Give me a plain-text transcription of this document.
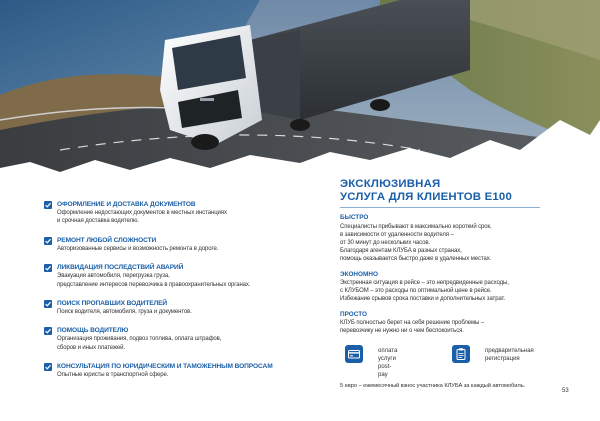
ОФОРМЛЕНИЕ И ДОСТАВКА ДОКУМЕНТОВ
Оформление недостающих документов в местных инстанциях
и срочная доставка водителю.
РЕМОНТ ЛЮБОЙ СЛОЖНОСТИ
Авторизованные сервисы и возможность ремонта в дороге.
ЛИКВИДАЦИЯ ПОСЛЕДСТВИЙ АВАРИЙ
Эвакуация автомобиля, перегрузка груза,
представление интересов перевозчика в правоохранительных органах.
ПОИСК ПРОПАВШИХ ВОДИТЕЛЕЙ
Поиск водителя, автомобиля, груза и документов.
ПОМОЩЬ ВОДИТЕЛЮ
Организация проживания, подвоз топлива, оплата штрафов,
сборов и иных платежей.
КОНСУЛЬТАЦИЯ ПО ЮРИДИЧЕСКИМ И ТАМОЖЕННЫМ ВОПРОСАМ
Опытные юристы в транспортной сфере.
ЭКСКЛЮЗИВНАЯ
УСЛУГА ДЛЯ КЛИЕНТОВ Е100
БЫСТРО
Специалисты прибывают в максимально короткий срок,
в зависимости от удаленности водителя –
от 30 минут до нескольких часов.
Благодаря агентам КЛУБА в разных странах,
помощь оказывается быстро даже в удаленных местах.
ЭКОНОМНО
Экстренная ситуация в рейсе – это непредвиденные расходы,
с КЛУБОМ – это расходы по оптимальной цене в рейсе.
Избежание срывов срока поставки и дополнительных затрат.
ПРОСТО
КЛУБ полностью берет на себя решение проблемы –
перевозчику не нужно ни о чем беспокоиться.
оплата услуги
post-pay
предварительная
регистрация
5 евро – ежемесячный взнос участника КЛУБА за каждый автомобиль.
53
